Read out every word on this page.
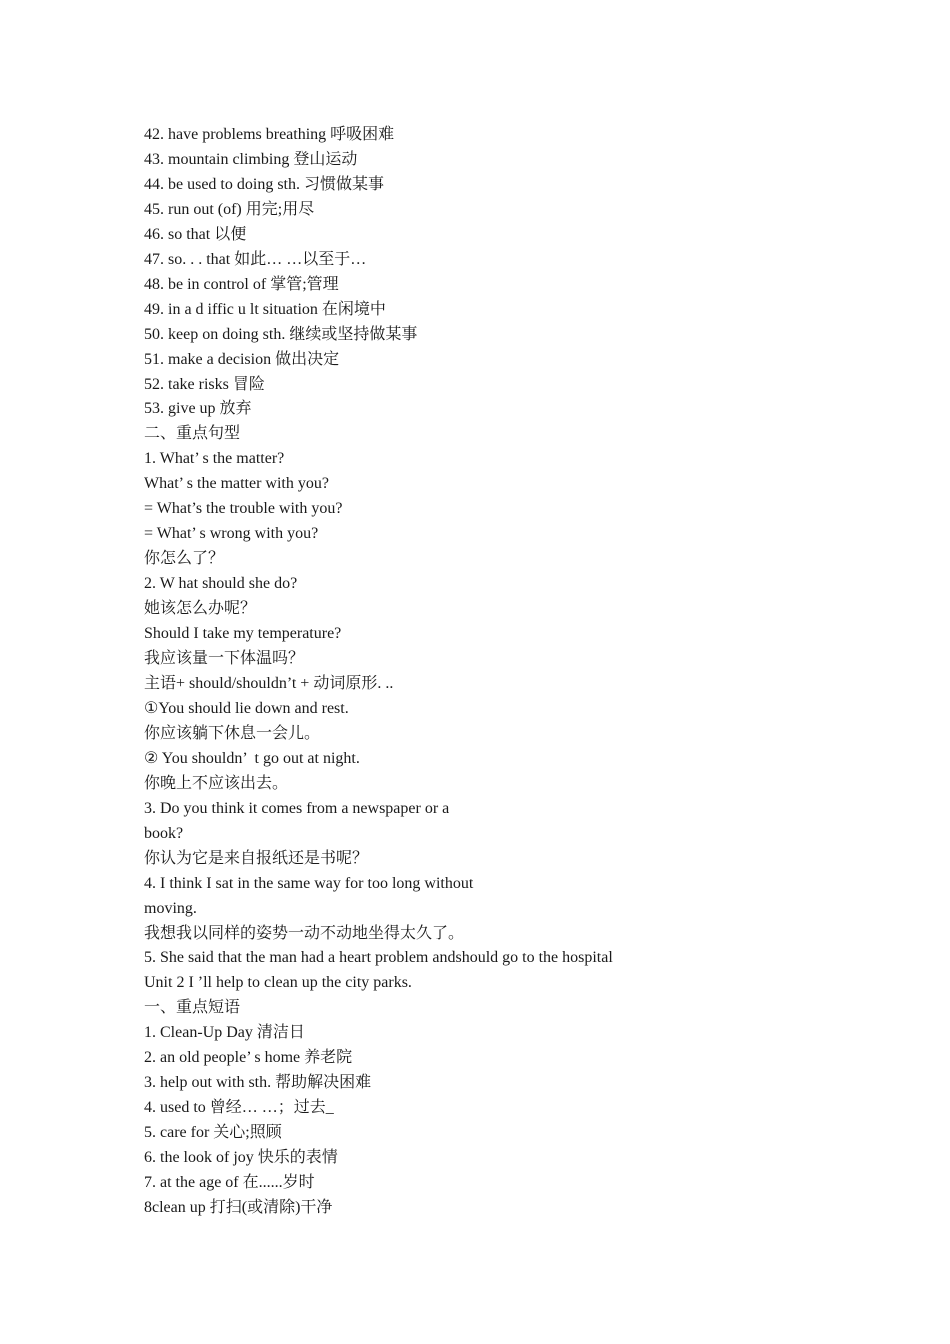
42. have problems breathing 呼吸困难

43. mountain climbing 登山运动

44. be used to doing sth. 习惯做某事

45. run out (of) 用完;用尽

46. so that 以便

47. so. . . that 如此… …以至于…

48. be in control of 掌管;管理

49. in a d iffic u lt situation 在闲境中

50. keep on doing sth. 继续或坚持做某事

51. make a decision 做出决定

52. take risks 冒险

53. give up 放弃

二、重点句型

1. What’ s the matter?

What’ s the matter with you?

= What’s the trouble with you?

= What’ s wrong with you?

你怎么了？

2. W hat should she do?

她该怎么办呢？

Should I take my temperature?

我应该量一下体温吗？

主语+ should/shouldn’t + 动词原形. ..

①You should lie down and rest.

你应该躺下休息一会儿。

② You shouldn’  t go out at night.

你晚上不应该出去。

3. Do you think it comes from a newspaper or a

book?

你认为它是来自报纸还是书呢？

4. I think I sat in the same way for too long without

moving.

我想我以同样的姿势一动不动地坐得太久了。

5. She said that the man had a heart problem andshould go to the hospital

Unit 2 I ’ll help to clean up the city parks.

一、重点短语

1. Clean-Up Day 清洁日

2. an old people’ s home 养老院

3. help out with sth. 帮助解决困难

4. used to 曾经… …；过去_

5. care for 关心;照顾

6. the look of joy 快乐的表情

7. at the age of 在......岁时

8clean up 打扫(或清除)干净
